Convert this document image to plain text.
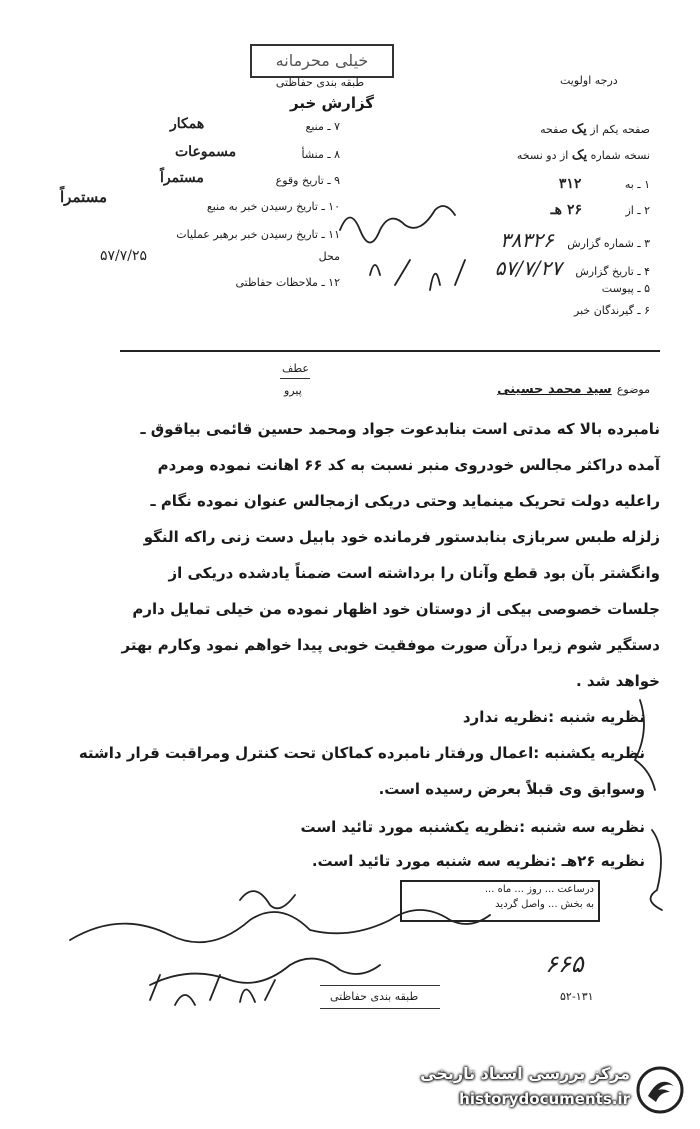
خیلی محرمانه
طبقه بندی حفاظتی	درجه اولویت
گزارش خبر
۷ ـ منبع
همکار
۸ ـ منشأ
مسموعات
۹ ـ تاریخ وقوع
مستمراً
۱۰ ـ تاریخ رسیدن خبر به منبع
مستمراً
۱۱ ـ تاریخ رسیدن خبر برهبر عملیات
محل
۵۷/۷/۲۵
۱۲ ـ ملاحظات حفاظتی
صفحه یکم از یک صفحه
نسخه شماره یک از دو نسخه
۱ ـ به ۳۱۲
۲ ـ از ۲۶ هـ
۳ ـ شماره گزارش ۳۸۳۲۶
۴ ـ تاریخ گزارش ۵۷/۷/۲۷
۵ ـ پیوست
۶ ـ گیرندگان خبر
عطف
پیرو	موضوع سید محمد حسینی
نامبرده بالا که مدتی است بنابدعوت جواد ومحمد حسین قائمی بیاقوق ـ
آمده دراکثر مجالس خودروی منبر نسبت به کد ۶۶ اهانت نموده ومردم
راعلیه دولت تحریک مینماید وحتی دریکی ازمجالس عنوان نموده نگام ـ
زلزله طبس سربازی بنابدستور فرمانده خود بابیل دست زنی راکه النگو
وانگشتر بآن بود قطع وآنان را برداشته است ضمناً یادشده دریکی از
جلسات خصوصی بیکی از دوستان خود اظهار نموده من خیلی تمایل دارم
دستگیر شوم زیرا درآن صورت موفقیت خوبی پیدا خواهم نمود وکارم بهتر
خواهد شد .
نظریه شنبه :نظریه ندارد
نظریه یکشنبه :اعمال ورفتار نامبرده کماکان تحت کنترل ومراقبت قرار داشته
وسوابق وی قبلاً بعرض رسیده است.
نظریه سه شنبه :نظریه یکشنبه مورد تائید است
نظریه ۲۶هـ :نظریه سه شنبه مورد تائید است.
درساعت ... روز ... ماه ...
به بخش ... واصل گردید
۶۶۵
۵۲-۱۳۱
طبقه بندی حفاظتی
مرکز بررسی اسناد تاریخی
historydocuments.ir
